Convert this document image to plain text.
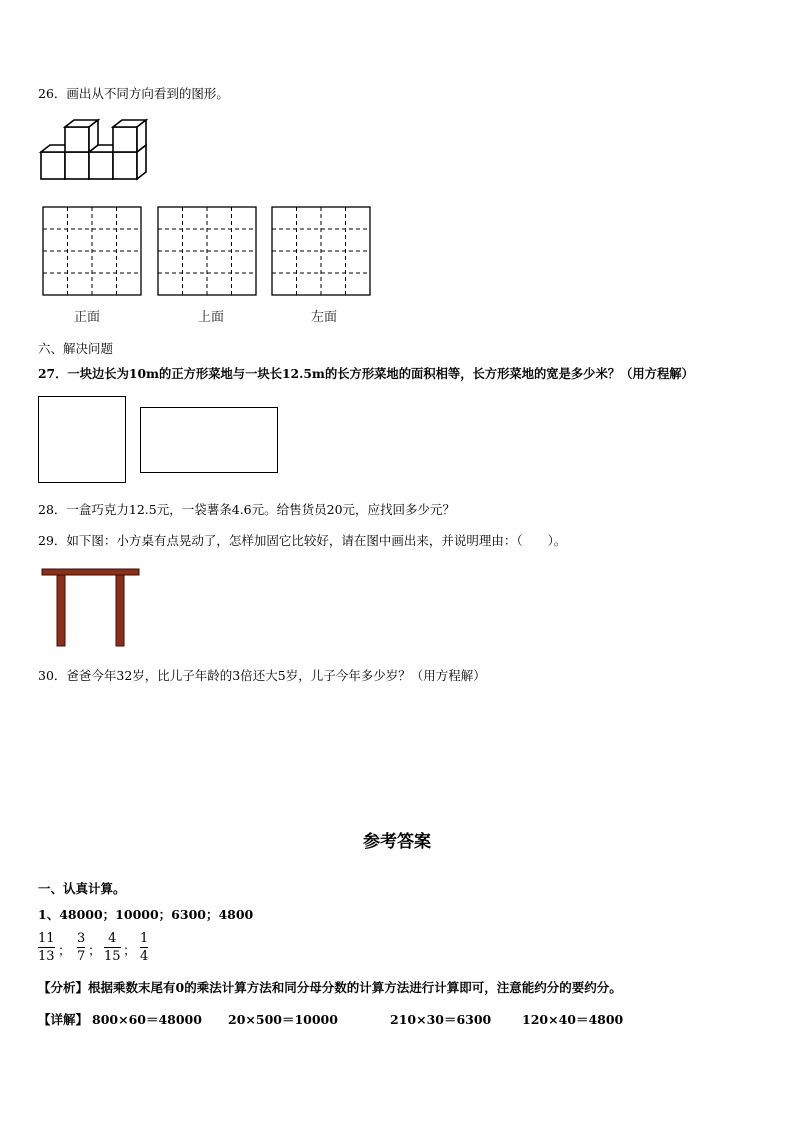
26．画出从不同方向看到的图形。
正面	上面	左面
六、解决问题
27．一块边长为10m的正方形菜地与一块长12.5m的长方形菜地的面积相等，长方形菜地的宽是多少米？（用方程解）
28．一盒巧克力12.5元，一袋薯条4.6元。给售货员20元，应找回多少元？
29．如下图：小方桌有点晃动了，怎样加固它比较好，请在图中画出来，并说明理由：（　　）。
30．爸爸今年32岁，比儿子年龄的3倍还大5岁，儿子今年多少岁？（用方程解）
参考答案
一、认真计算。
1、48000；10000；6300；4800
11
13 ；
3
7 ；
4
15 ；
1
4
【分析】根据乘数末尾有0的乘法计算方法和同分母分数的计算方法进行计算即可，注意能约分的要约分。
【详解】 800×60＝48000 20×500＝10000	210×30＝6300 120×40＝4800
